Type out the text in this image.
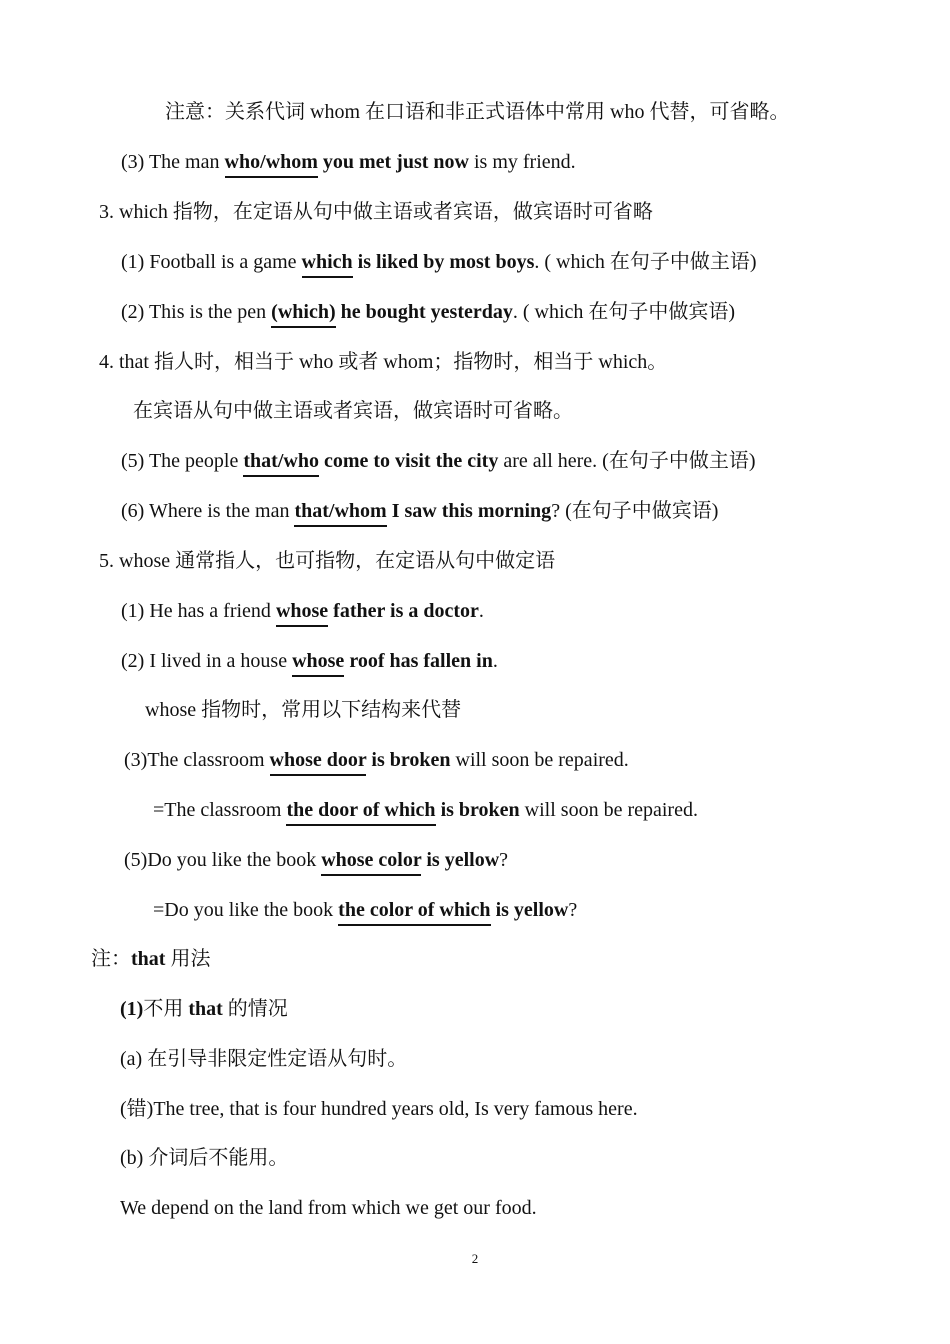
注意：关系代词 whom 在口语和非正式语体中常用 who 代替，可省略。
(3) The man who/whom you met just now is my friend.
3. which 指物，在定语从句中做主语或者宾语，做宾语时可省略
(1) Football is a game which is liked by most boys. ( which 在句子中做主语)
(2) This is the pen (which) he bought yesterday. ( which 在句子中做宾语)
4. that 指人时，相当于 who 或者 whom；指物时，相当于 which。
在宾语从句中做主语或者宾语，做宾语时可省略。
(5) The people that/who come to visit the city are all here. (在句子中做主语)
(6) Where is the man that/whom I saw this morning? (在句子中做宾语)
5. whose 通常指人，也可指物，在定语从句中做定语
(1) He has a friend whose father is a doctor.
(2) I lived in a house whose roof has fallen in.
whose 指物时，常用以下结构来代替
(3)The classroom whose door is broken will soon be repaired.
=The classroom the door of which is broken will soon be repaired.
(5)Do you like the book whose color is yellow?
=Do you like the book the color of which is yellow?
注：that 用法
(1)不用 that 的情况
(a) 在引导非限定性定语从句时。
(错)The tree, that is four hundred years old, Is very famous here.
(b) 介词后不能用。
We depend on the land from which we get our food.
2
